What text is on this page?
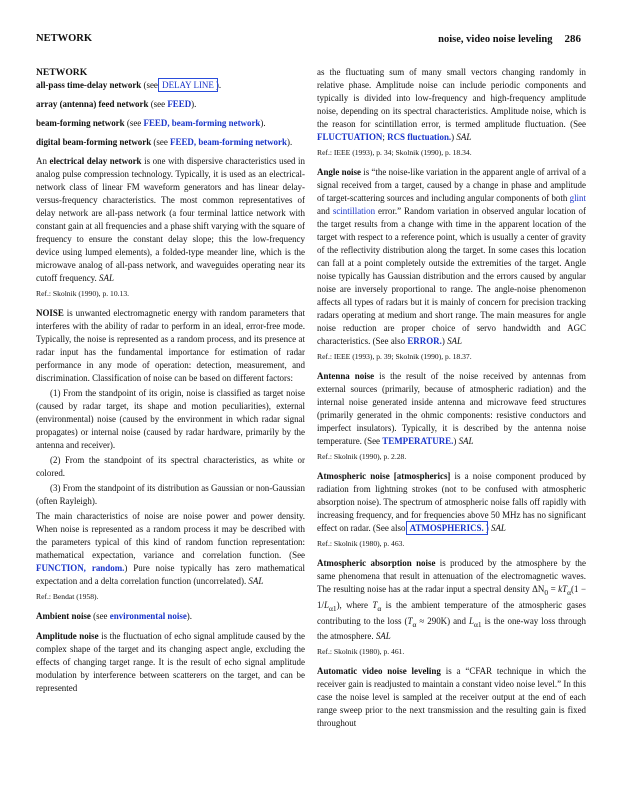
NETWORK	noise, video noise leveling 286

NETWORK

all-pass time-delay network (see DELAY LINE ).

array (antenna) feed network (see FEED).

beam-forming network (see FEED, beam-forming network).

digital beam-forming network (see FEED, beam-forming network).

An electrical delay network is one with dispersive characteristics used in analog pulse compression technology. Typically, it is used as an electrical-network class of linear FM waveform generators and has linear delay-versus-frequency characteristics. The most common representatives of delay network are all-pass network (a four terminal lattice network with constant gain at all frequencies and a phase shift varying with the square of frequency to ensure the constant delay slope; this the low-frequency device using lumped elements), a folded-type meander line, which is the microwave analog of all-pass network, and waveguides operating near its cutoff frequency. SAL

Ref.: Skolnik (1990), p. 10.13.

NOISE is unwanted electromagnetic energy with random parameters that interferes with the ability of radar to perform in an ideal, error-free mode. Typically, the noise is represented as a random process, and its presence at radar input has the fundamental importance for estimation of radar performance in any mode of operation: detection, measurement, and discrimination. Classification of noise can be based on different factors:

(1) From the standpoint of its origin, noise is classified as target noise (caused by radar target, its shape and motion peculiarities), external (environmental) noise (caused by the environment in which radar signal propagates) or internal noise (caused by radar hardware, primarily by the antenna and receiver).

(2) From the standpoint of its spectral characteristics, as white or colored.

(3) From the standpoint of its distribution as Gaussian or non-Gaussian (often Rayleigh).

The main characteristics of noise are noise power and power density. When noise is represented as a random process it may be described with the parameters typical of this kind of random function representation: mathematical expectation, variance and correlation function. (See FUNCTION, random.) Pure noise typically has zero mathematical expectation and a delta correlation function (uncorrelated). SAL

Ref.: Bendat (1958).

Ambient noise (see environmental noise).

Amplitude noise is the fluctuation of echo signal amplitude caused by the complex shape of the target and its changing aspect angle, excluding the effects of changing target range. It is the result of echo signal amplitude modulation by interference between scatterers on the target, and can be represented

as the fluctuating sum of many small vectors changing randomly in relative phase. Amplitude noise can include periodic components and typically is divided into low-frequency and high-frequency amplitude noise, depending on its spectral characteristics. Amplitude noise, which is the reason for scintillation error, is termed amplitude fluctuation. (See FLUCTUATION; RCS fluctuation.) SAL

Ref.: IEEE (1993), p. 34; Skolnik (1990), p. 18.34.

Angle noise is “the noise-like variation in the apparent angle of arrival of a signal received from a target, caused by a change in phase and amplitude of target-scattering sources and including angular components of both glint and scintillation error.” Random variation in observed angular location of the target results from a change with time in the apparent location of the target with respect to a reference point, which is usually a center of gravity of the reflectivity distribution along the target. In some cases this location can fall at a point completely outside the extremities of the target. Angle noise typically has Gaussian distribution and the errors caused by angular noise are inversely proportional to range. The angle-noise phenomenon affects all types of radars but it is mainly of concern for precision tracking radars operating at medium and short range. The main measures for angle noise reduction are proper choice of servo handwidth and AGC characteristics. (See also ERROR.) SAL

Ref.: IEEE (1993), p. 39; Skolnik (1990), p. 18.37.

Antenna noise is the result of the noise received by antennas from external sources (primarily, because of atmospheric radiation) and the internal noise generated inside antenna and microwave feed structures (primarily generated in the ohmic components: resistive conductors and imperfect insulators). Typically, it is described by the antenna noise temperature. (See TEMPERATURE.) SAL

Ref.: Skolnik (1990), p. 2.28.

Atmospheric noise [atmospherics] is a noise component produced by radiation from lightning strokes (not to be confused with atmospheric absorption noise). The spectrum of atmospheric noise falls off rapidly with increasing frequency, and for frequencies above 50 MHz has no significant effect on radar. (See also ATMOSPHERICS. ) SAL

Ref.: Skolnik (1980), p. 463.

Atmospheric absorption noise is produced by the atmosphere by the same phenomena that result in attenuation of the electromagnetic waves. The resulting noise has at the radar input a spectral density $\Delta N_0 = kT_\alpha(1 - 1/L_{\alpha 1})$, where $T_\alpha$ is the ambient temperature of the atmospheric gases contributing to the loss $(T_\alpha \approx 290K)$ and $L_{\alpha 1}$ is the one-way loss through the atmosphere. SAL

Ref.: Skolnik (1980), p. 461.

Automatic video noise leveling is a “CFAR technique in which the receiver gain is readjusted to maintain a constant video noise level.” In this case the noise level is sampled at the receiver output at the end of each range sweep prior to the next transmission and the resulting gain is fixed throughout
